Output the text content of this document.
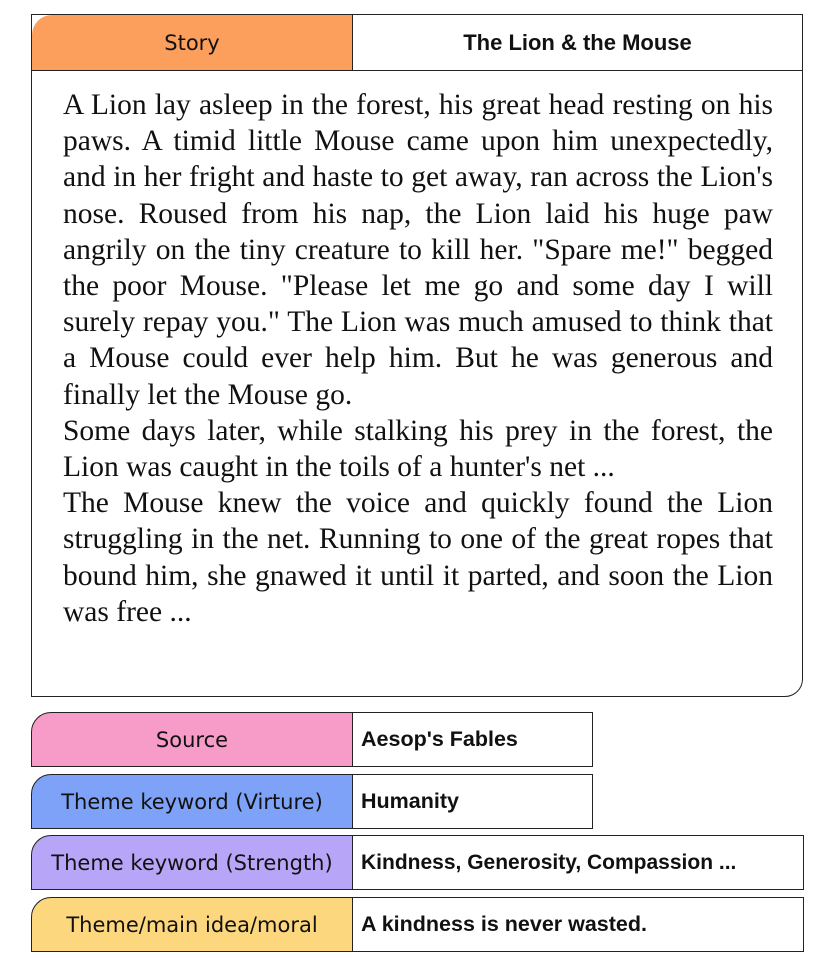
Story	The Lion & the Mouse

A Lion lay asleep in the forest, his great head resting on his paws. A timid little Mouse came upon him unexpectedly, and in her fright and haste to get away, ran across the Lion's nose. Roused from his nap, the Lion laid his huge paw angrily on the tiny creature to kill her. "Spare me!" begged the poor Mouse. "Please let me go and some day I will surely repay you." The Lion was much amused to think that a Mouse could ever help him. But he was generous and finally let the Mouse go.

Some days later, while stalking his prey in the forest, the Lion was caught in the toils of a hunter's net ...

The Mouse knew the voice and quickly found the Lion struggling in the net. Running to one of the great ropes that bound him, she gnawed it until it parted, and soon the Lion was free ...

Source	Aesop's Fables
Theme keyword (Virture)	Humanity
Theme keyword (Strength)	Kindness, Generosity, Compassion ...
Theme/main idea/moral	A kindness is never wasted.
